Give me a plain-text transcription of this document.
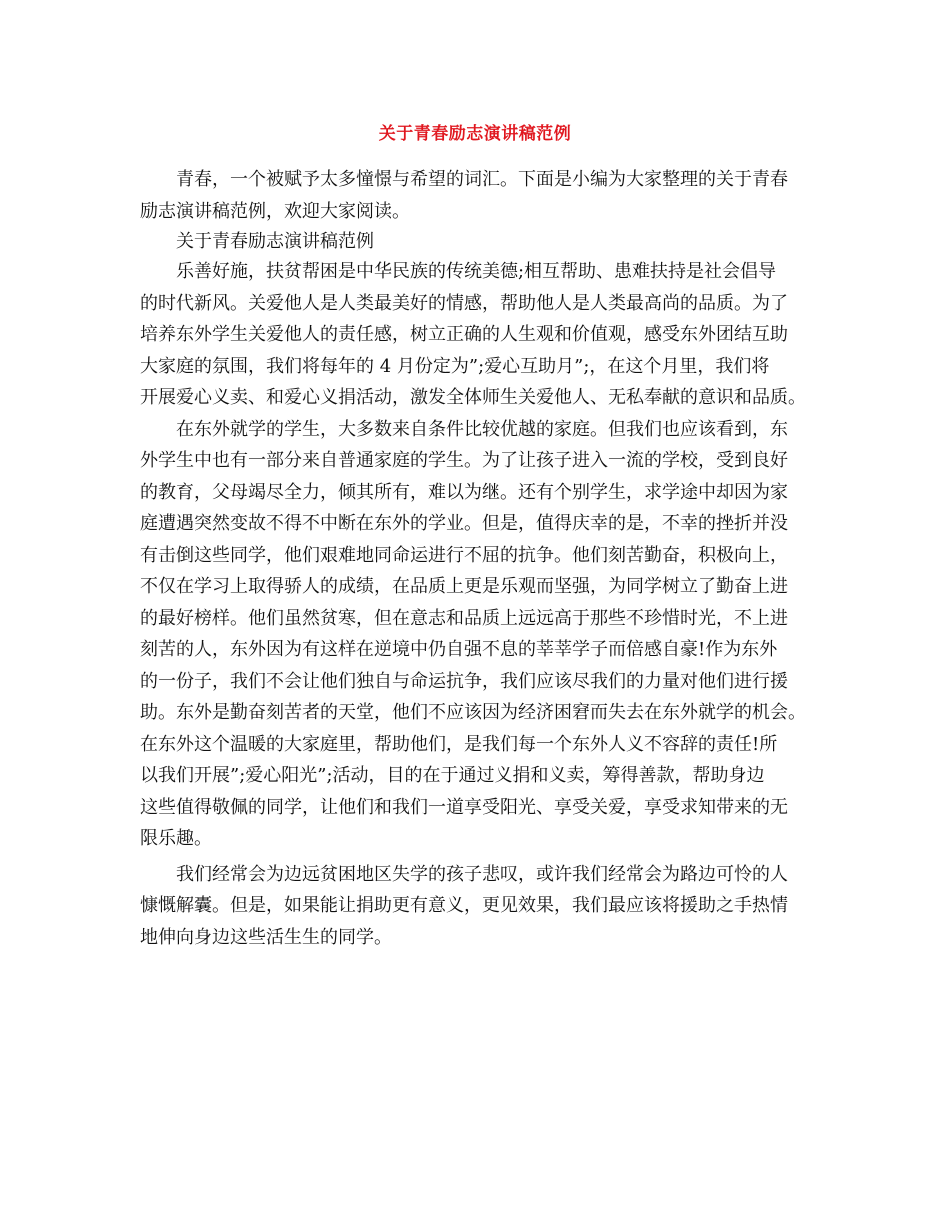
关于青春励志演讲稿范例

青春，一个被赋予太多憧憬与希望的词汇。下面是小编为大家整理的关于青春
励志演讲稿范例，欢迎大家阅读。

关于青春励志演讲稿范例

乐善好施，扶贫帮困是中华民族的传统美德;相互帮助、患难扶持是社会倡导
的时代新风。关爱他人是人类最美好的情感，帮助他人是人类最高尚的品质。为了
培养东外学生关爱他人的责任感，树立正确的人生观和价值观，感受东外团结互助
大家庭的氛围，我们将每年的 4 月份定为”;爱心互助月”;，在这个月里，我们将
开展爱心义卖、和爱心义捐活动，激发全体师生关爱他人、无私奉献的意识和品质。

在东外就学的学生，大多数来自条件比较优越的家庭。但我们也应该看到，东
外学生中也有一部分来自普通家庭的学生。为了让孩子进入一流的学校，受到良好
的教育，父母竭尽全力，倾其所有，难以为继。还有个别学生，求学途中却因为家
庭遭遇突然变故不得不中断在东外的学业。但是，值得庆幸的是，不幸的挫折并没
有击倒这些同学，他们艰难地同命运进行不屈的抗争。他们刻苦勤奋，积极向上，
不仅在学习上取得骄人的成绩，在品质上更是乐观而坚强，为同学树立了勤奋上进
的最好榜样。他们虽然贫寒，但在意志和品质上远远高于那些不珍惜时光，不上进
刻苦的人，东外因为有这样在逆境中仍自强不息的莘莘学子而倍感自豪!作为东外
的一份子，我们不会让他们独自与命运抗争，我们应该尽我们的力量对他们进行援
助。东外是勤奋刻苦者的天堂，他们不应该因为经济困窘而失去在东外就学的机会。
在东外这个温暖的大家庭里，帮助他们，是我们每一个东外人义不容辞的责任!所
以我们开展”;爱心阳光”;活动，目的在于通过义捐和义卖，筹得善款，帮助身边
这些值得敬佩的同学，让他们和我们一道享受阳光、享受关爱，享受求知带来的无
限乐趣。

我们经常会为边远贫困地区失学的孩子悲叹，或许我们经常会为路边可怜的人
慷慨解囊。但是，如果能让捐助更有意义，更见效果，我们最应该将援助之手热情
地伸向身边这些活生生的同学。
